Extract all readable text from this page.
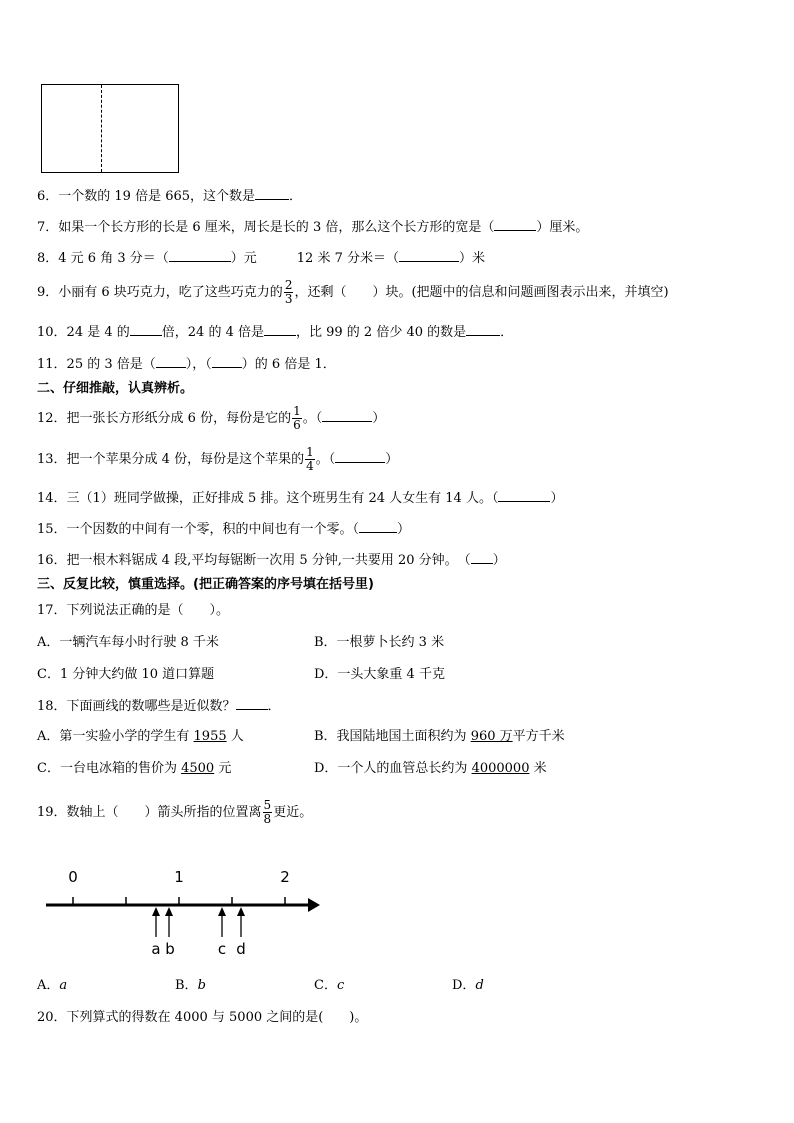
6．一个数的 19 倍是 665，这个数是	．
7．如果一个长方形的长是 6 厘米，周长是长的 3 倍，那么这个长方形的宽是（	）厘米。
8．4 元 6 角 3 分＝（	）元	12 米 7 分米＝（	）米
9．小丽有 6 块巧克力，吃了这些巧克力的 $\frac{2}{3}$ ，还剩（　　）块。(把题中的信息和问题画图表示出来，并填空)
10．24 是 4 的 倍，24 的 4 倍是 ，比 99 的 2 倍少 40 的数是	．
11．25 的 3 倍是（ ），（ ）的 6 倍是 1．
二、仔细推敲，认真辨析。
12．把一张长方形纸分成 6 份，每份是它的 $\frac{1}{6}$ 。（	）
13．把一个苹果分成 4 份，每份是这个苹果的 $\frac{1}{4}$ 。（	）
14．三（1）班同学做操，正好排成 5 排。这个班男生有 24 人女生有 14 人。（	）
15．一个因数的中间有一个零，积的中间也有一个零。（	）
16．把一根木料锯成 4 段,平均每锯断一次用 5 分钟,一共要用 20 分钟。　（ ）
三、反复比较，慎重选择。(把正确答案的序号填在括号里)
17．下列说法正确的是（　　）。
A．一辆汽车每小时行驶 8 千米	B．一根萝卜长约 3 米
C．1 分钟大约做 10 道口算题	D．一头大象重 4 千克
18．下面画线的数哪些是近似数？ ．
A．第一实验小学的学生有 1955 人	B．我国陆地国土面积约为 960 万平方千米
C．一台电冰箱的售价为 4500 元	D．一个人的血管总长约为 4000000 米
19．数轴上（　　）箭头所指的位置离 $\frac{5}{8}$ 更近。
0	1	2
a b	c d
A．a	B．b	C．c	D．d
20．下列算式的得数在 4000 与 5000 之间的是(　　)。
